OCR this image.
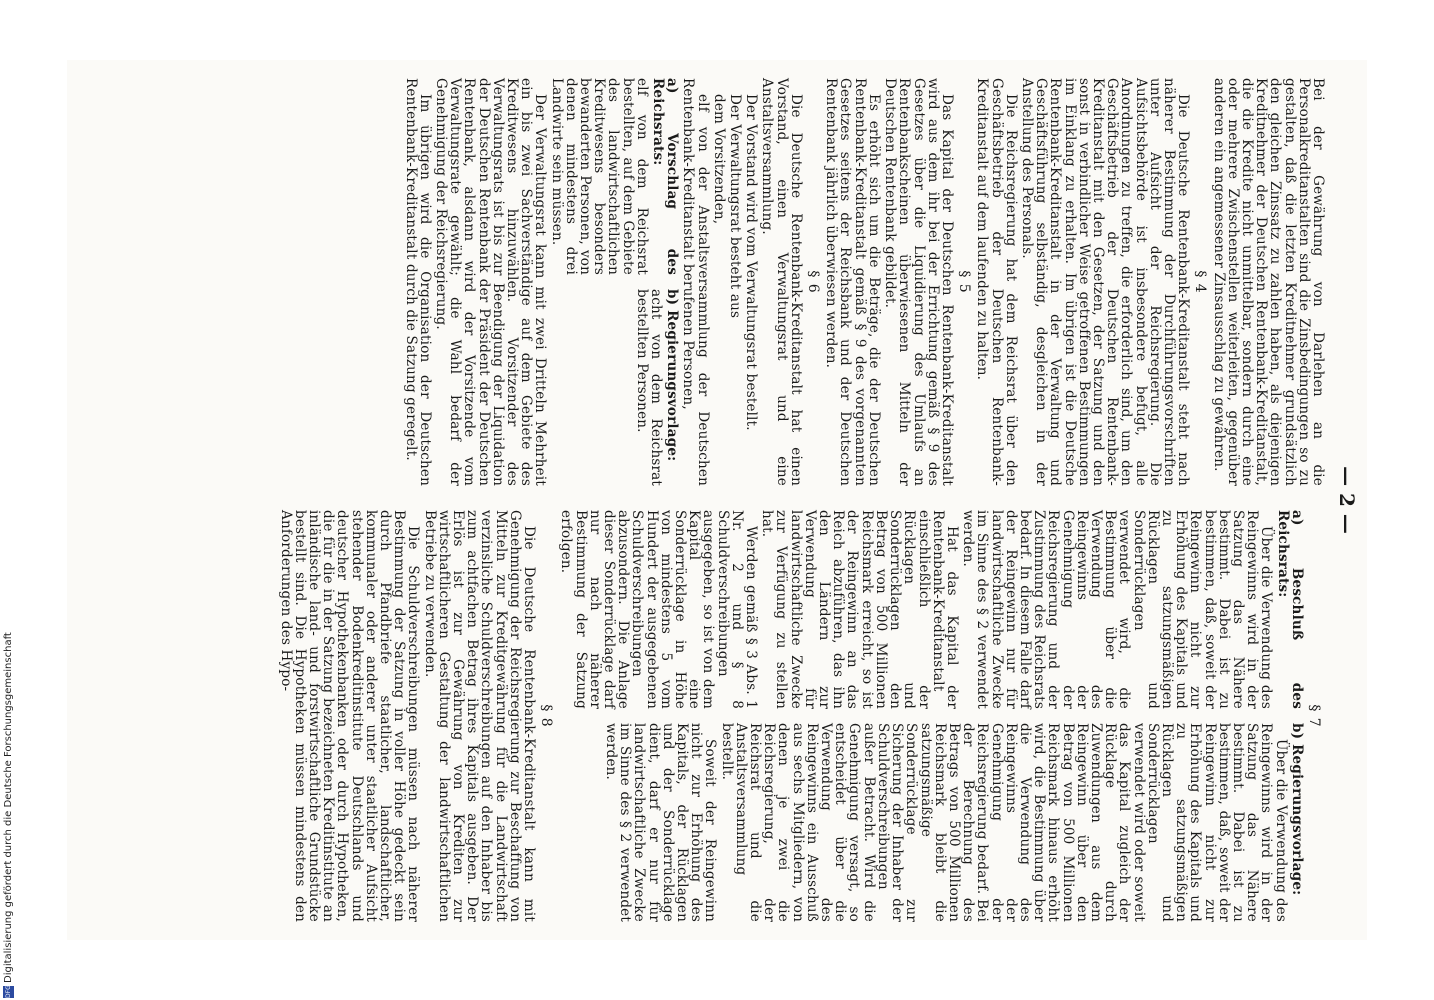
DFGDigitalisierung gefördert durch die Deutsche Forschungsgemeinschaft
— 2 —

Bei der Gewährung von Darlehen an die Personalkreditanstalten sind die Zinsbedingungen so zu gestalten, daß die letzten Kreditnehmer grundsätzlich den gleichen Zinssatz zu zahlen haben, als diejenigen Kreditnehmer der Deutschen Rentenbank-Kreditanstalt, die die Kredite nicht unmittelbar, sondern durch eine oder mehrere Zwischenstellen weiterleiten, gegenüber anderen ein angemessener Zinsausschlag zu gewähren.

§ 4

Die Deutsche Rentenbank-Kreditanstalt steht nach näherer Bestimmung der Durchführungsvorschriften unter Aufsicht der Reichsregierung. Die Aufsichtsbehörde ist insbesondere befugt, alle Anordnungen zu treffen, die erforderlich sind, um den Geschäftsbetrieb der Deutschen Rentenbank-Kreditanstalt mit den Gesetzen, der Satzung und den sonst in verbindlicher Weise getroffenen Bestimmungen im Einklang zu erhalten. Im übrigen ist die Deutsche Rentenbank-Kreditanstalt in der Verwaltung und Geschäftsführung selbständig, desgleichen in der Anstellung des Personals.

Die Reichsregierung hat dem Reichsrat über den Geschäftsbetrieb der Deutschen Rentenbank-Kreditanstalt auf dem laufenden zu halten.

§ 5

Das Kapital der Deutschen Rentenbank-Kreditanstalt wird aus dem ihr bei der Errichtung gemäß § 9 des Gesetzes über die Liquidierung des Umlaufs an Rentenbankscheinen überwiesenen Mitteln der Deutschen Rentenbank gebildet.

Es erhöht sich um die Beträge, die der Deutschen Rentenbank-Kreditanstalt gemäß § 9 des vorgenannten Gesetzes seitens der Reichsbank und der Deutschen Rentenbank jährlich überwiesen werden.

§ 6

Die Deutsche Rentenbank-Kreditanstalt hat einen Vorstand, einen Verwaltungsrat und eine Anstaltsversammlung.

Der Vorstand wird vom Verwaltungsrat bestellt.

Der Verwaltungsrat besteht aus

dem Vorsitzenden,

elf von der Anstaltsversammlung der Deutschen Rentenbank-Kreditanstalt berufenen Personen,

a) Vorschlag des Reichsrats:

elf von dem Reichsrat bestellten, auf dem Gebiete des landwirtschaftlichen Kreditwesens besonders bewanderten Personen, von denen mindestens drei Landwirte sein müssen.

b) Regierungsvorlage:

acht von dem Reichsrat bestellten Personen.

Der Verwaltungsrat kann mit zwei Dritteln Mehrheit ein bis zwei Sachverständige auf dem Gebiete des Kreditwesens hinzuwählen. Vorsitzender des Verwaltungsrats ist bis zur Beendigung der Liquidation der Deutschen Rentenbank der Präsident der Deutschen Rentenbank, alsdann wird der Vorsitzende vom Verwaltungsrate gewählt; die Wahl bedarf der Genehmigung der Reichsregierung.

Im übrigen wird die Organisation der Deutschen Rentenbank-Kreditanstalt durch die Satzung geregelt.

§ 7

a) Beschluß des Reichsrats:

Über die Verwendung des Reingewinns wird in der Satzung das Nähere bestimmt. Dabei ist zu bestimmen, daß, soweit der Reingewinn nicht zur Erhöhung des Kapitals und zu satzungsmäßigen Rücklagen und Sonderrücklagen verwendet wird, die Bestimmung über die Verwendung des Reingewinns der Genehmigung der Reichsregierung und der Zustimmung des Reichsrats bedarf. In diesem Falle darf der Reingewinn nur für landwirtschaftliche Zwecke im Sinne des § 2 verwendet werden.

Hat das Kapital der Rentenbank-Kreditanstalt einschließlich der Rücklagen und Sonderrücklagen den Betrag von 500 Millionen Reichsmark erreicht, so ist der Reingewinn an das Reich abzuführen, das ihn den Ländern zur Verwendung für landwirtschaftliche Zwecke zur Verfügung zu stellen hat.

Werden gemäß § 3 Abs. 1 Nr. 2 und § 8 Schuldverschreibungen ausgegeben, so ist von dem Kapital eine Sonderrücklage in Höhe von mindestens 5 vom Hundert der ausgegebenen Schuldverschreibungen abzusondern. Die Anlage dieser Sonderrücklage darf nur nach näherer Bestimmung der Satzung erfolgen.

b) Regierungsvorlage:

Über die Verwendung des Reingewinns wird in der Satzung das Nähere bestimmt. Dabei ist zu bestimmen, daß, soweit der Reingewinn nicht zur Erhöhung des Kapitals und zu satzungsmäßigen Rücklagen und Sonderrücklagen verwendet wird oder soweit das Kapital zugleich der Rücklage durch Zuwendungen aus dem Reingewinn über den Betrag von 500 Millionen Reichsmark hinaus erhöht wird, die Bestimmung über die Verwendung des Reingewinns der Genehmigung der Reichsregierung bedarf. Bei der Berechnung des Betrags von 500 Millionen Reichsmark bleibt die satzungsmäßige Sonderrücklage zur Sicherung der Inhaber der Schuldverschreibungen außer Betracht. Wird die Genehmigung versagt, so entscheidet über die Verwendung des Reingewinns ein Ausschuß aus sechs Mitgliedern, von denen je zwei die Reichsregierung, der Reichsrat und die Anstaltsversammlung bestellt.

Soweit der Reingewinn nicht zur Erhöhung des Kapitals, der Rücklagen und der Sonderrücklage dient, darf er nur für landwirtschaftliche Zwecke im Sinne des § 2 verwendet werden.

§ 8

Die Deutsche Rentenbank-Kreditanstalt kann mit Genehmigung der Reichsregierung zur Beschaffung von Mitteln zur Kreditgewährung für die Landwirtschaft verzinsliche Schuldverschreibungen auf den Inhaber bis zum achtfachen Betrag ihres Kapitals ausgeben. Der Erlös ist zur Gewährung von Krediten zur wirtschaftlicheren Gestaltung der landwirtschaftlichen Betriebe zu verwenden.

Die Schuldverschreibungen müssen nach näherer Bestimmung der Satzung in voller Höhe gedeckt sein durch Pfandbriefe staatlicher, landschaftlicher, kommunaler oder anderer unter staatlicher Aufsicht stehender Bodenkreditinstitute Deutschlands und deutscher Hypothekenbanken oder durch Hypotheken, die für die in der Satzung bezeichneten Kreditinstitute an inländische land- und forstwirtschaftliche Grundstücke bestellt sind. Die Hypotheken müssen mindestens den Anforderungen des Hypo-
